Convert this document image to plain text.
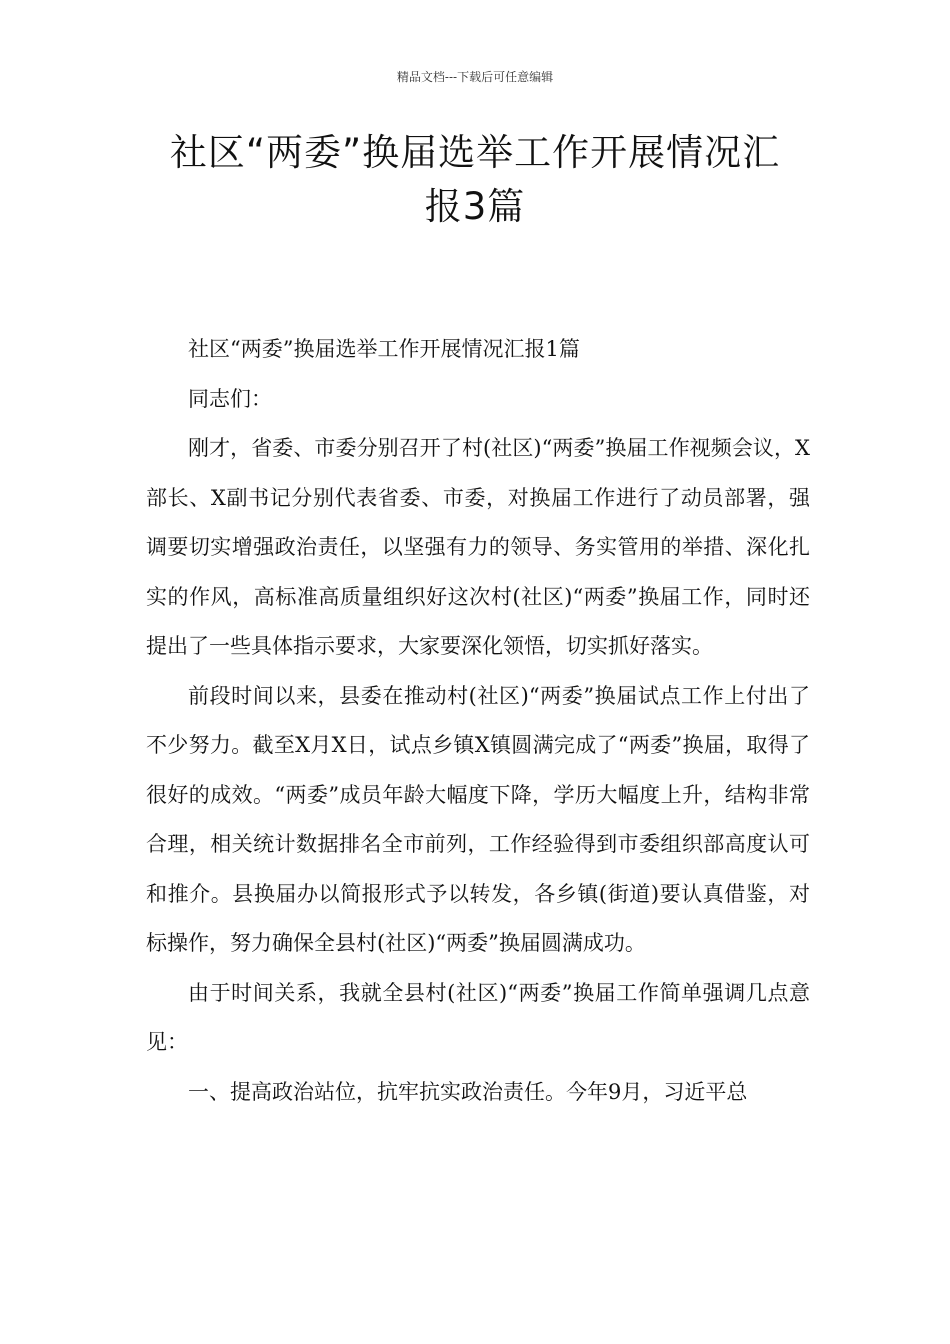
精品文档---下载后可任意编辑
社区“两委”换届选举工作开展情况汇
报3篇

社区“两委”换届选举工作开展情况汇报1篇

同志们：

刚才，省委、市委分别召开了村(社区)“两委”换届工作视频会议，X部长、X副书记分别代表省委、市委，对换届工作进行了动员部署，强调要切实增强政治责任，以坚强有力的领导、务实管用的举措、深化扎实的作风，高标准高质量组织好这次村(社区)“两委”换届工作，同时还提出了一些具体指示要求，大家要深化领悟，切实抓好落实。

前段时间以来，县委在推动村(社区)“两委”换届试点工作上付出了不少努力。截至X月X日，试点乡镇X镇圆满完成了“两委”换届，取得了很好的成效。“两委”成员年龄大幅度下降，学历大幅度上升，结构非常合理，相关统计数据排名全市前列，工作经验得到市委组织部高度认可和推介。县换届办以简报形式予以转发，各乡镇(街道)要认真借鉴，对标操作，努力确保全县村(社区)“两委”换届圆满成功。

由于时间关系，我就全县村(社区)“两委”换届工作简单强调几点意见：

一、提高政治站位，抗牢抗实政治责任。今年9月，习近平总
